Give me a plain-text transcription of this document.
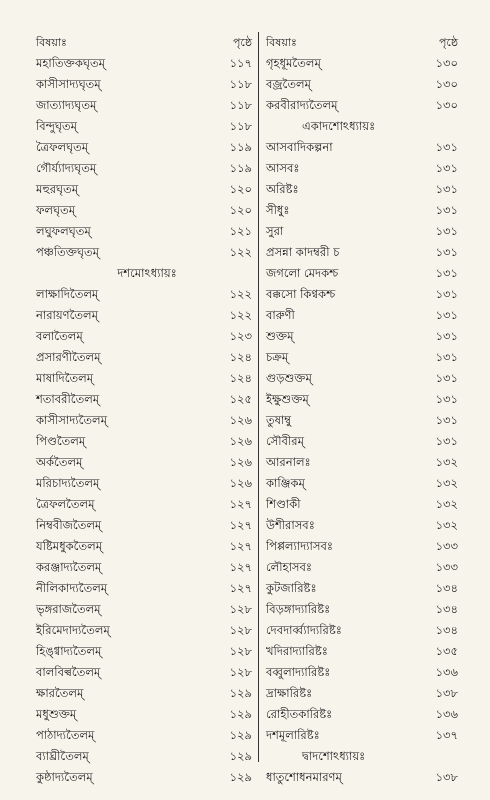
বিষয়াঃ	পৃষ্ঠে
মহাতিক্তকঘৃতম্	১১৭
কাসীসাদ্যঘৃতম্	১১৮
জাত্যাদ্যঘৃতম্	১১৮
বিন্দুঘৃতম্	১১৮
ত্রৈফলঘৃতম্	১১৯
গৌর্য্যাদ্যঘৃতম্	১১৯
মহুরঘৃতম্	১২০
ফলঘৃতম্	১২০
লঘুফলঘৃতম্	১২১
পঞ্চতিক্তঘৃতম্	১২২
দশমোঽধ্যায়ঃ
লাক্ষাদিতৈলম্	১২২
নারায়ণতৈলম্	১২২
বলাতৈলম্	১২৩
প্রসারণীতৈলম্	১২৪
মাষাদিতৈলম্	১২৪
শতাবরীতৈলম্	১২৫
কাসীসাদ্যতৈলম্	১২৬
পিণ্ডতৈলম্	১২৬
অর্কতৈলম্	১২৬
মরিচাদ্যতৈলম্	১২৬
ত্রৈফলতৈলম্	১২৭
নিম্ববীজতৈলম্	১২৭
যষ্টিমধুকতৈলম্	১২৭
করঞ্জাদ্যতৈলম্	১২৭
নীলিকাদ্যতৈলম্	১২৭
ভৃঙ্গরাজতৈলম্	১২৮
ইরিমেদাদ্যতৈলম্	১২৮
হিঙ্গ্বাদ্যতৈলম্	১২৮
বালবিল্বতৈলম্	১২৮
ক্ষারতৈলম্	১২৯
মধুশুক্তম্	১২৯
পাঠাদ্যতৈলম্	১২৯
ব্যাঘ্রীতৈলম্	১২৯
কুষ্ঠাদ্যতৈলম্	১২৯
বিষয়াঃ	পৃষ্ঠে
গৃহধূমতৈলম্	১৩০
বজ্রতৈলম্	১৩০
করবীরাদ্যতৈলম্	১৩০
একাদশোঽধ্যায়ঃ
আসবাদিকল্পনা	১৩১
আসবঃ	১৩১
অরিষ্টঃ	১৩১
সীধুঃ	১৩১
সুরা	১৩১
প্রসন্না কাদম্বরী চ	১৩১
জগলো মেদকশ্চ	১৩১
বক্কসো কিণ্বকশ্চ	১৩১
বারুণী	১৩১
শুক্তম্	১৩১
চক্রম্	১৩১
গুড়শুক্তম্	১৩১
ইক্ষুশুক্তম্	১৩১
তুষাম্বু	১৩১
সৌবীরম্	১৩১
আরনালঃ	১৩২
কাঞ্জিকম্	১৩২
শিণ্ডাকী	১৩২
উশীরাসবঃ	১৩২
পিপ্পল্যাদ্যাসবঃ	১৩৩
লৌহাসবঃ	১৩৩
কুটজারিষ্টঃ	১৩৪
বিড়ঙ্গাদ্যারিষ্টঃ	১৩৪
দেবদার্ব্ব্যাদ্যরিষ্টঃ	১৩৪
খদিরাদ্যারিষ্টঃ	১৩৫
বব্বুলাদ্যারিষ্টঃ	১৩৬
দ্রাক্ষারিষ্টঃ	১৩৮
রোহীতকারিষ্টঃ	১৩৬
দশমূলারিষ্টঃ	১৩৭
দ্বাদশোঽধ্যায়ঃ
ধাতুশোধনমারণম্	১৩৮
